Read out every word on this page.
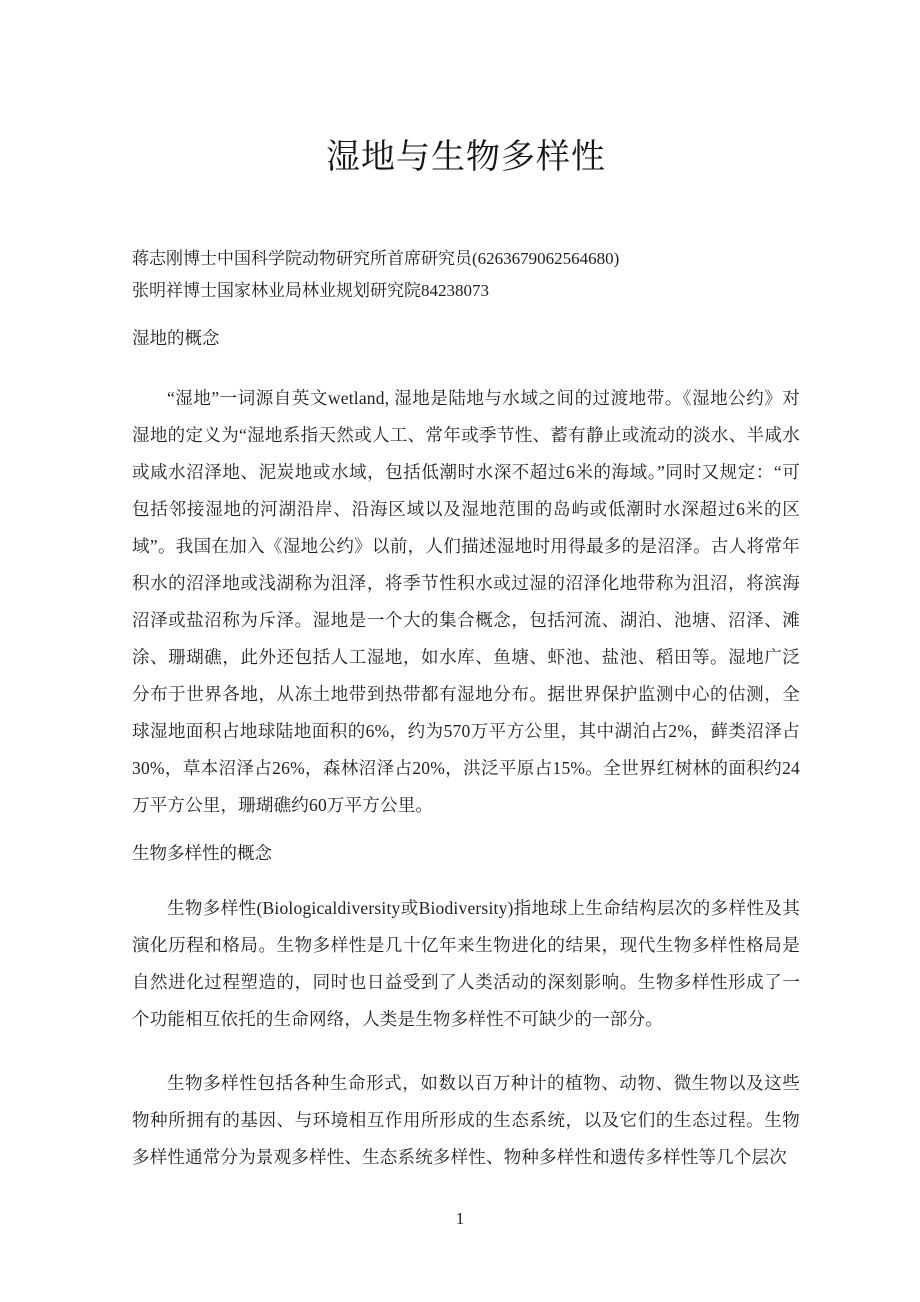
湿地与生物多样性

蒋志刚博士中国科学院动物研究所首席研究员(6263679062564680)

张明祥博士国家林业局林业规划研究院84238073

湿地的概念

“湿地”一词源自英文wetland, 湿地是陆地与水域之间的过渡地带。《湿地公约》对湿地的定义为“湿地系指天然或人工、常年或季节性、蓄有静止或流动的淡水、半咸水或咸水沼泽地、泥炭地或水域，包括低潮时水深不超过6米的海域。”同时又规定：“可包括邻接湿地的河湖沿岸、沿海区域以及湿地范围的岛屿或低潮时水深超过6米的区域”。我国在加入《湿地公约》以前，人们描述湿地时用得最多的是沼泽。古人将常年积水的沼泽地或浅湖称为沮泽，将季节性积水或过湿的沼泽化地带称为沮沼，将滨海沼泽或盐沼称为斥泽。湿地是一个大的集合概念，包括河流、湖泊、池塘、沼泽、滩涂、珊瑚礁，此外还包括人工湿地，如水库、鱼塘、虾池、盐池、稻田等。湿地广泛分布于世界各地，从冻土地带到热带都有湿地分布。据世界保护监测中心的估测，全球湿地面积占地球陆地面积的6%，约为570万平方公里，其中湖泊占2%，藓类沼泽占30%，草本沼泽占26%，森林沼泽占20%，洪泛平原占15%。全世界红树林的面积约24万平方公里，珊瑚礁约60万平方公里。

生物多样性的概念

生物多样性(Biologicaldiversity或Biodiversity)指地球上生命结构层次的多样性及其演化历程和格局。生物多样性是几十亿年来生物进化的结果，现代生物多样性格局是自然进化过程塑造的，同时也日益受到了人类活动的深刻影响。生物多样性形成了一个功能相互依托的生命网络，人类是生物多样性不可缺少的一部分。

生物多样性包括各种生命形式，如数以百万种计的植物、动物、微生物以及这些物种所拥有的基因、与环境相互作用所形成的生态系统，以及它们的生态过程。生物多样性通常分为景观多样性、生态系统多样性、物种多样性和遗传多样性等几个层次

1
